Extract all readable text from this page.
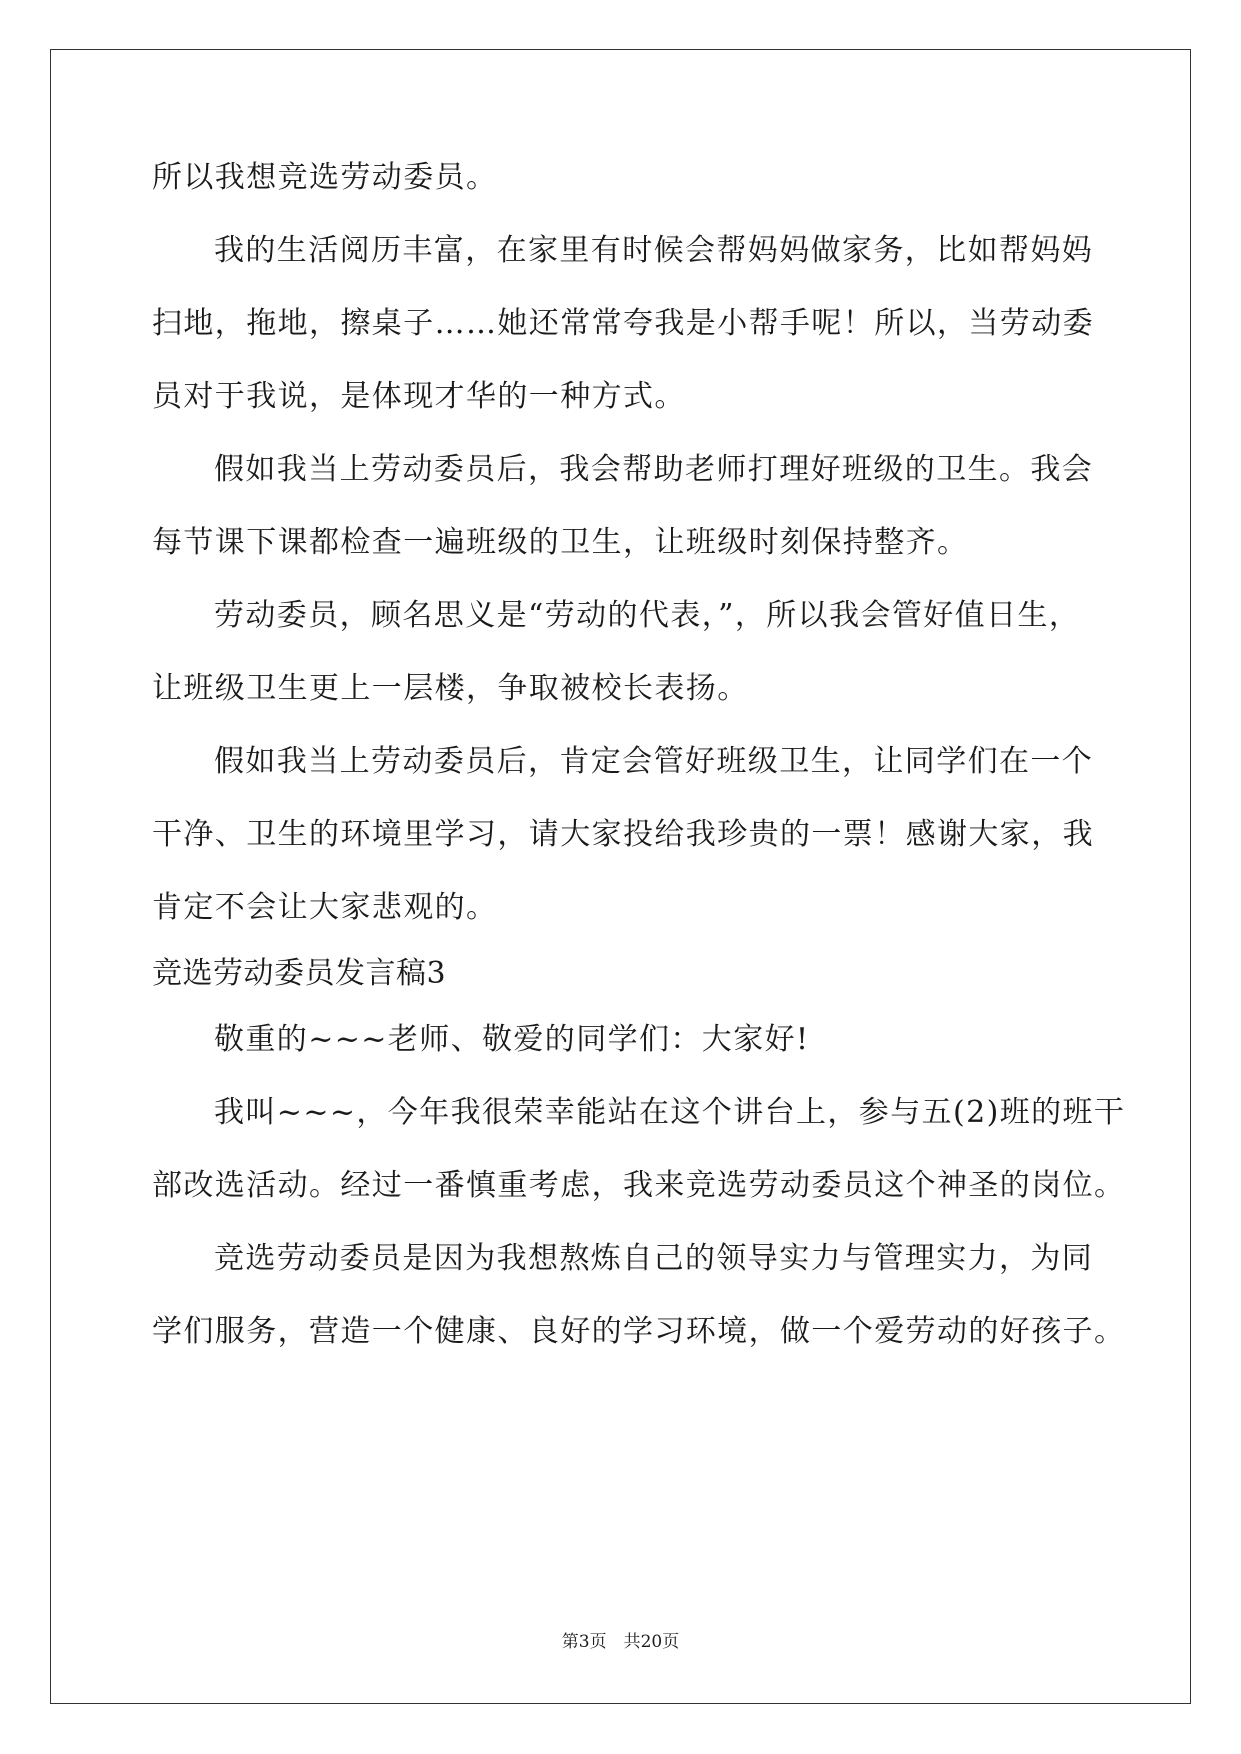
所以我想竞选劳动委员。
我的生活阅历丰富，在家里有时候会帮妈妈做家务，比如帮妈妈
扫地，拖地，擦桌子……她还常常夸我是小帮手呢！所以，当劳动委
员对于我说，是体现才华的一种方式。
假如我当上劳动委员后，我会帮助老师打理好班级的卫生。我会
每节课下课都检查一遍班级的卫生，让班级时刻保持整齐。
劳动委员，顾名思义是“劳动的代表，”，所以我会管好值日生，
让班级卫生更上一层楼，争取被校长表扬。
假如我当上劳动委员后，肯定会管好班级卫生，让同学们在一个
干净、卫生的环境里学习，请大家投给我珍贵的一票！感谢大家，我
肯定不会让大家悲观的。
竞选劳动委员发言稿3
敬重的~~~老师、敬爱的同学们：大家好!
我叫~~~，今年我很荣幸能站在这个讲台上，参与五(2)班的班干
部改选活动。经过一番慎重考虑，我来竞选劳动委员这个神圣的岗位。
竞选劳动委员是因为我想熬炼自己的领导实力与管理实力，为同
学们服务，营造一个健康、良好的学习环境，做一个爱劳动的好孩子。
第3页　共20页
